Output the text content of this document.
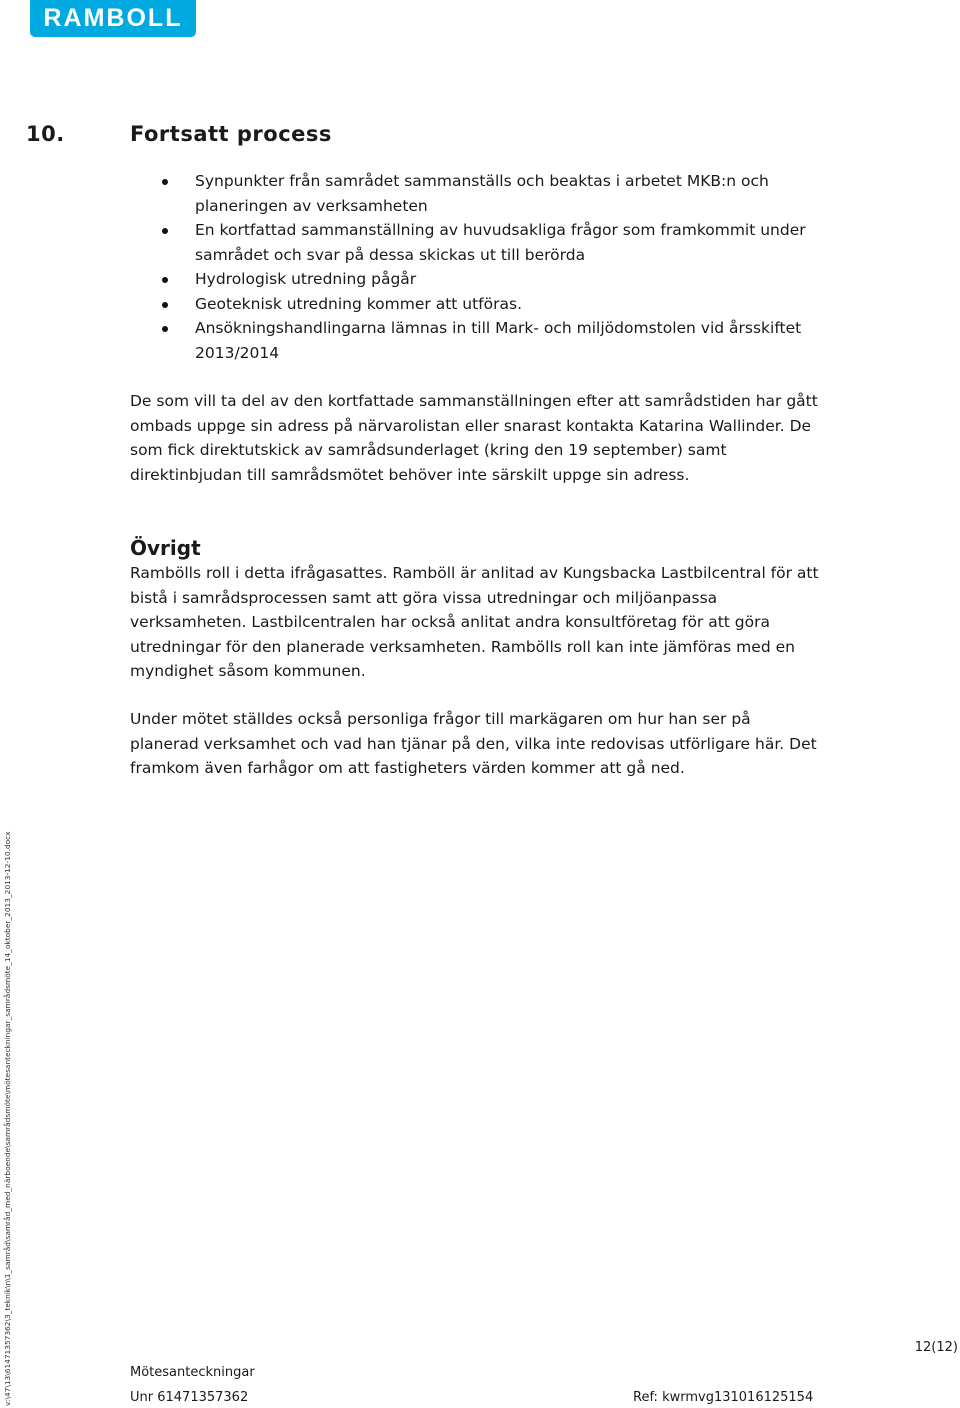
RAMBOLL
10.	Fortsatt process
Synpunkter från samrådet sammanställs och beaktas i arbetet MKB:n och planeringen av verksamheten
En kortfattad sammanställning av huvudsakliga frågor som framkommit under samrådet och svar på dessa skickas ut till berörda
Hydrologisk utredning pågår
Geoteknisk utredning kommer att utföras.
Ansökningshandlingarna lämnas in till Mark- och miljödomstolen vid årsskiftet 2013/2014
De som vill ta del av den kortfattade sammanställningen efter att samrådstiden har gått ombads uppge sin adress på närvarolistan eller snarast kontakta Katarina Wallinder. De som fick direktutskick av samrådsunderlaget (kring den 19 september) samt direktinbjudan till samrådsmötet behöver inte särskilt uppge sin adress.
Övrigt
Rambölls roll i detta ifrågasattes. Ramböll är anlitad av Kungsbacka Lastbilcentral för att bistå i samrådsprocessen samt att göra vissa utredningar och miljöanpassa verksamheten. Lastbilcentralen har också anlitat andra konsultföretag för att göra utredningar för den planerade verksamheten. Rambölls roll kan inte jämföras med en myndighet såsom kommunen.
Under mötet ställdes också personliga frågor till markägaren om hur han ser på planerad verksamhet och vad han tjänar på den, vilka inte redovisas utförligare här. Det framkom även farhågor om att fastigheters värden kommer att gå ned.
v:\47\13\61471357362\3_teknik\n\1_samråd\samråd_med_närboende\samrådsmöte\mötesanteckningar_samrådsmöte_14_oktober_2013_2013-12-10.docx	12(12)
Mötesanteckningar
Unr 61471357362	Ref: kwrmvg131016125154
